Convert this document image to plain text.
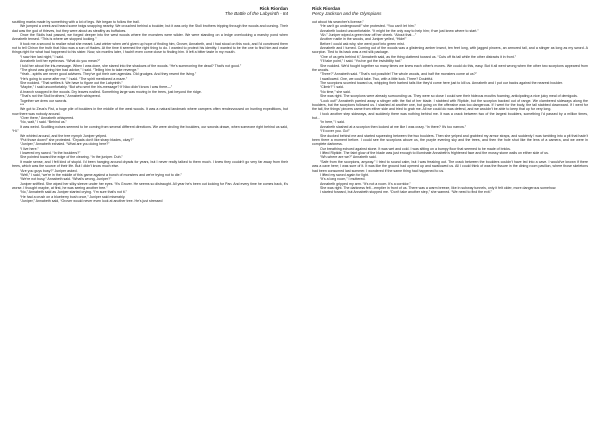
Rick Riordan
The Battle of the Labyrinth - 84

scuttling marks made by something with a lot of legs. We began to follow the trail.

We jumped a creek and heard some twigs snapping nearby. We crouched behind a boulder, but it was only the Stoll brothers tripping through the woods and cursing. Their dad was the god of thieves, but they were about as stealthy as buffaloes.

Once the Stolls had passed, we forged deeper into the west woods where the monsters were wilder. We were standing on a ledge overlooking a marshy pond when Annabeth tensed. “This is where we stopped looking.”

It took me a second to realize what she meant. Last winter when we'd given up hope of finding him, Grover, Annabeth, and I had stood on this rock, and I'd convinced them not to tell Chiron the truth that Nico was a son of Hades. At the time it seemed the right thing to do. I wanted to protect his identity. I wanted to be the one to find him and make things right for what had happened to his sister. Now, six months later, I hadn't even come close to finding him. It left a bitter taste in my mouth.

“I saw him last night,” I said.

Annabeth knit her eyebrows. “What do you mean?”

I told her about the Iris-message. When I was done, she stared into the shadows of the woods. “He's summoning the dead? That's not good.”

“The ghost was giving him bad advice,” I said. “Telling him to take revenge.”

“Yeah…spirits are never good advisers. They've got their own agendas. Old grudges. And they resent the living.”

“He's going to come after me,” I said. “The spirit mentioned a maze.”

She nodded. “That settles it. We have to figure out the Labyrinth.”

“Maybe,” I said uncomfortably. “But who sent the Iris-message? If Nico didn't know I was there—”

A branch snapped in the woods. Dry leaves rustled. Something large was moving in the trees, just beyond the ridge.

“That's not the Stoll brothers,” Annabeth whispered.

Together we drew our swords.

***

We got to Zeus's Fist, a huge pile of boulders in the middle of the west woods. It was a natural landmark where campers often rendezvoused on hunting expeditions, but now there was nobody around.

“Over there,” Annabeth whispered.

“No, wait,” I said. “Behind us.”

It was weird. Scuttling noises seemed to be coming from several different directions. We were circling the boulders, our swords drawn, when someone right behind us said, “Hi.”

We whirled around, and the tree nymph Juniper yelped.

“Put those down!” she protested. “Dryads don't like sharp blades, okay?”

“Juniper,” Annabeth exhaled. “What are you doing here?”

“I live here.”

I lowered my sword. “In the boulders?”

She pointed toward the edge of the clearing. “In the juniper. Duh.”

It made sense, and I felt kind of stupid. I'd been hanging around dryads for years, but I never really talked to them much. I knew they couldn't go very far away from their trees, which was the source of their life. But I didn't know much else.

“Are you guys busy?” Juniper asked.

“Well,” I said, “we're in the middle of this game against a bunch of monsters and we're trying not to die.”

“We're not busy,” Annabeth said. “What's wrong, Juniper?”

Juniper sniffled. She wiped her silky sleeve under her eyes. “It's Grover. He seems so distraught. All year he's been out looking for Pan. And every time he comes back, it's worse. I thought maybe, at first, he was seeing another tree.”

“No,” Annabeth said as Juniper started crying. “I'm sure that's not it.”

“He had a crush on a blueberry bush once,” Juniper said miserably.

“Juniper,” Annabeth said, “Grover would never even look at another tree. He's just stressed

Rick Riordan
Percy Jackson and the Olympians

out about his searcher's license.”

“He can't go underground!” she protested. “You can't let him.”

Annabeth looked uncomfortable. “It might be the only way to help him; if we just knew where to start.”

“Ah.” Juniper wiped a green tear off her cheek. “About that…”

Another rustle in the woods, and Juniper yelled, “Hide!”

Before I could ask why, she went poof into green mist.

Annabeth and I turned. Coming out of the woods was a glistening amber insect, ten feet long, with jagged pincers, an armored tail, and a stinger as long as my sword. A scorpion. Tied to its back was a red silk package.

“One of us gets behind it,” Annabeth said, as the thing clattered toward us. “Cuts off its tail while the other distracts it in front.”

“I'll take point,” I said. “You've got the invisibility hat.”

She nodded. We'd fought together so many times we knew each other's moves. We could do this, easy. But it all went wrong when the other two scorpions appeared from the woods.

“Three?” Annabeth said. “That's not possible! The whole woods, and half the monsters come at us?”

I swallowed. One, we could take. Two, with a little luck. Three? Doubtful.

The scorpions scurried toward us, whipping their barbed tails like they'd come here just to kill us. Annabeth and I put our backs against the nearest boulder.

“Climb?” I said.

“No time,” she said.

She was right. The scorpions were already surrounding us. They were so close I could see their hideous mouths foaming, anticipating a nice juicy meal of demigods.

“Look out!” Annabeth parried away a stinger with the flat of her blade. I stabbed with Riptide, but the scorpion backed out of range. We clambered sideways along the boulders, but the scorpions followed us. I slashed at another one, but going on the offensive was too dangerous. If I went for the body, the tail stabbed downward. If I went for the tail, the things' pincers came from either side and tried to grab me. All we could do was defend, and we wouldn't be able to keep that up for very long.

I took another step sideways, and suddenly there was nothing behind me. It was a crack between two of the largest boulders, something I'd passed by a million times, but…

“In here,” I said.

Annabeth slashed at a scorpion then looked at me like I was crazy. “In there? It's too narrow.”

“I'll cover you. Go!”

She ducked behind me and started squeezing between the two boulders. Then she yelped and grabbed my armor straps, and suddenly I was tumbling into a pit that hadn't been there a moment before. I could see the scorpions above us, the purple evening sky and the trees, and then the hole shut like the lens of a camera, and we were in complete darkness.

Our breathing echoed against stone. It was wet and cold. I was sitting on a bumpy floor that seemed to be made of bricks.

I lifted Riptide. The faint glow of the blade was just enough to illuminate Annabeth's frightened face and the mossy stone walls on either side of us.

“Wh-where are we?” Annabeth said.

“Safe from the scorpions, anyway.” I tried to sound calm, but I was freaking out. The crack between the boulders couldn't have led into a cave. I would've known if there was a cave here; I was sure of it. It was like the ground had opened up and swallowed us. All I could think of was the fissure in the dining room pavilion, where those skeletons had been consumed last summer. I wondered if the same thing had happened to us.

I lifted my sword again for light.

“It's a long room,” I muttered.

Annabeth gripped my arm. “It's not a room. It's a corridor.”

She was right. The darkness felt…emptier in front of us. There was a warm breeze, like in subway tunnels, only it felt older, more dangerous somehow.

I started forward, but Annabeth stopped me. “Don't take another step,” she warned. “We need to find the exit.”
